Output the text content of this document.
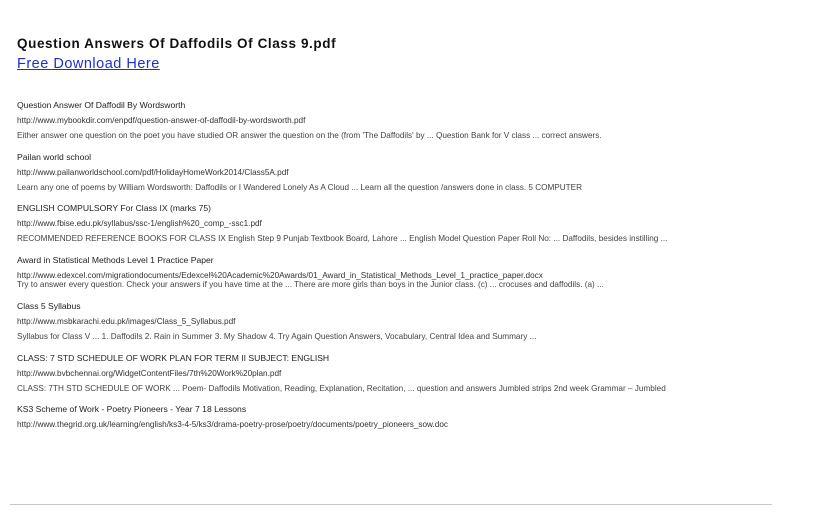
Question Answers Of Daffodils Of Class 9.pdf
Free Download Here
Question Answer Of Daffodil By Wordsworth
http://www.mybookdir.com/enpdf/question-answer-of-daffodil-by-wordsworth.pdf
Either answer one question on the poet you have studied OR answer the question on the (from 'The Daffodils' by ... Question Bank for V class ... correct answers.
Pailan world school
http://www.pailanworldschool.com/pdf/HolidayHomeWork2014/Class5A.pdf
Learn any one of poems by William Wordsworth: Daffodils or I Wandered Lonely As A Cloud ... Learn all the question /answers done in class. 5 COMPUTER
ENGLISH COMPULSORY For Class IX (marks 75)
http://www.fbise.edu.pk/syllabus/ssc-1/english%20_comp_-ssc1.pdf
RECOMMENDED REFERENCE BOOKS FOR CLASS IX English Step 9 Punjab Textbook Board, Lahore ... English Model Question Paper Roll No: ... Daffodils, besides instilling ...
Award in Statistical Methods Level 1 Practice Paper
http://www.edexcel.com/migrationdocuments/Edexcel%20Academic%20Awards/01_Award_in_Statistical_Methods_Level_1_practice_paper.docx
Try to answer every question. Check your answers if you have time at the ... There are more girls than boys in the Junior class. (c) ... crocuses and daffodils. (a) ...
Class 5 Syllabus
http://www.msbkarachi.edu.pk/images/Class_5_Syllabus.pdf
Syllabus for Class V ... 1. Daffodils 2. Rain in Summer 3. My Shadow 4. Try Again Question Answers, Vocabulary, Central Idea and Summary ...
CLASS: 7 STD SCHEDULE OF WORK PLAN FOR TERM II SUBJECT: ENGLISH
http://www.bvbchennai.org/WidgetContentFiles/7th%20Work%20plan.pdf
CLASS: 7TH STD SCHEDULE OF WORK ... Poem- Daffodils Motivation, Reading, Explanation, Recitation, ... question and answers Jumbled strips 2nd week Grammar – Jumbled
KS3 Scheme of Work - Poetry Pioneers - Year 7 18 Lessons
http://www.thegrid.org.uk/learning/english/ks3-4-5/ks3/drama-poetry-prose/poetry/documents/poetry_pioneers_sow.doc
